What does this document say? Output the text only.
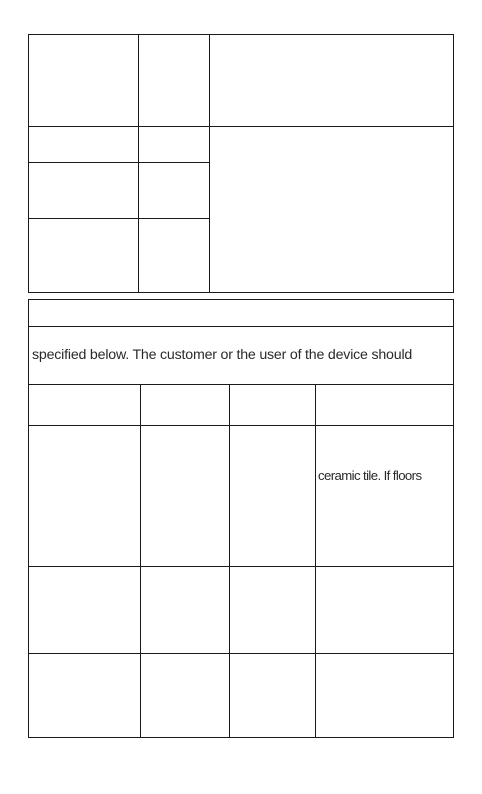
specified below. The customer or the user of the device should
ceramic tile. If floors
